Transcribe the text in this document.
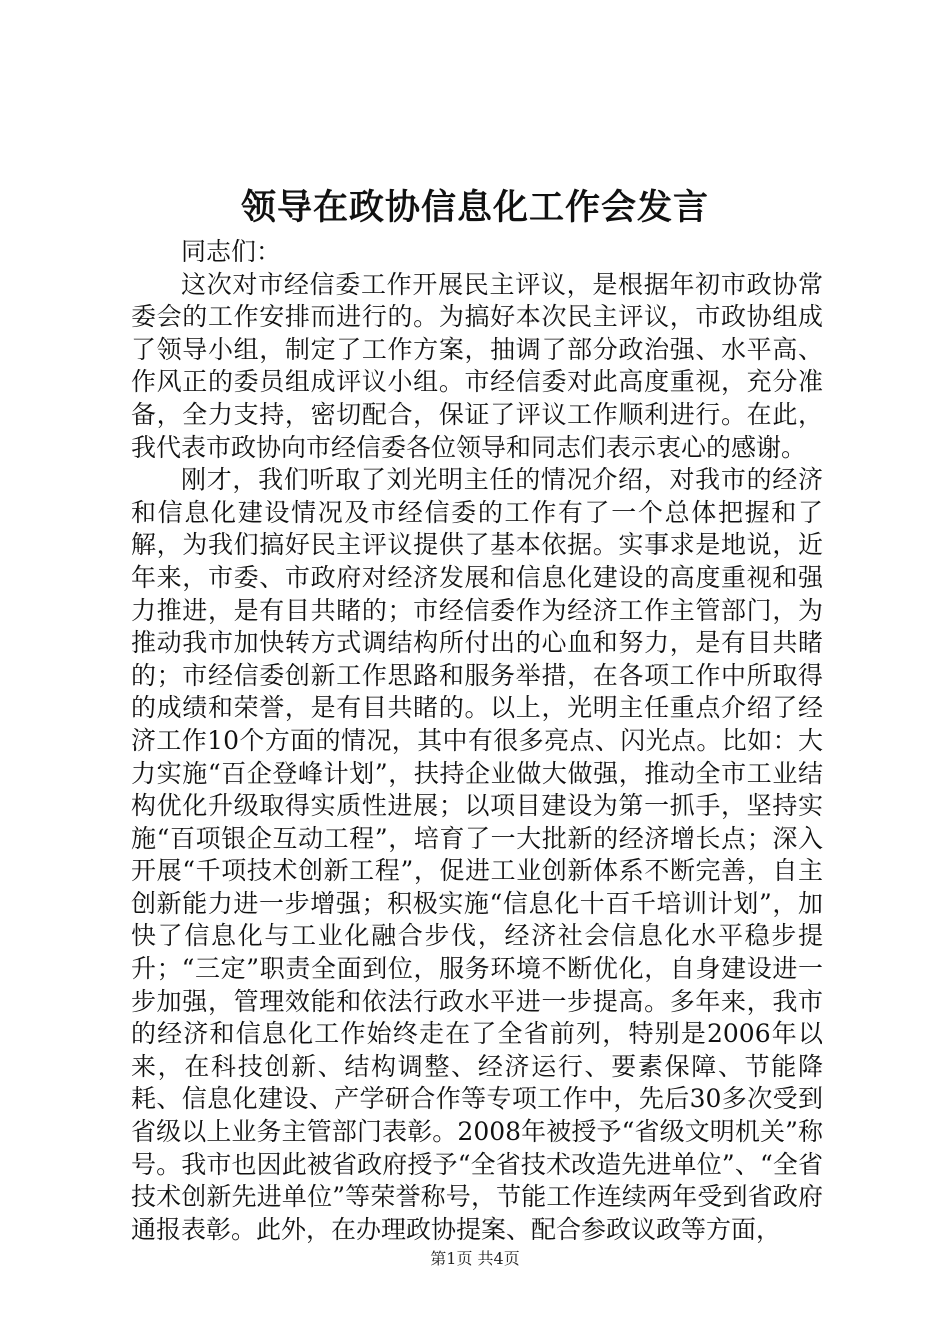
领导在政协信息化工作会发言

同志们：

这次对市经信委工作开展民主评议，是根据年初市政协常委会的工作安排而进行的。为搞好本次民主评议，市政协组成了领导小组，制定了工作方案，抽调了部分政治强、水平高、作风正的委员组成评议小组。市经信委对此高度重视，充分准备，全力支持，密切配合，保证了评议工作顺利进行。在此，我代表市政协向市经信委各位领导和同志们表示衷心的感谢。

刚才，我们听取了刘光明主任的情况介绍，对我市的经济和信息化建设情况及市经信委的工作有了一个总体把握和了解，为我们搞好民主评议提供了基本依据。实事求是地说，近年来，市委、市政府对经济发展和信息化建设的高度重视和强力推进，是有目共睹的；市经信委作为经济工作主管部门，为推动我市加快转方式调结构所付出的心血和努力，是有目共睹的；市经信委创新工作思路和服务举措，在各项工作中所取得的成绩和荣誉，是有目共睹的。以上，光明主任重点介绍了经济工作10个方面的情况，其中有很多亮点、闪光点。比如：大力实施“百企登峰计划”，扶持企业做大做强，推动全市工业结构优化升级取得实质性进展；以项目建设为第一抓手，坚持实施“百项银企互动工程”，培育了一大批新的经济增长点；深入开展“千项技术创新工程”，促进工业创新体系不断完善，自主创新能力进一步增强；积极实施“信息化十百千培训计划”，加快了信息化与工业化融合步伐，经济社会信息化水平稳步提升；“三定”职责全面到位，服务环境不断优化，自身建设进一步加强，管理效能和依法行政水平进一步提高。多年来，我市的经济和信息化工作始终走在了全省前列，特别是2006年以来，在科技创新、结构调整、经济运行、要素保障、节能降耗、信息化建设、产学研合作等专项工作中，先后30多次受到省级以上业务主管部门表彰。2008年被授予“省级文明机关”称号。我市也因此被省政府授予“全省技术改造先进单位”、“全省技术创新先进单位”等荣誉称号，节能工作连续两年受到省政府通报表彰。此外，在办理政协提案、配合参政议政等方面，

第1页 共4页
